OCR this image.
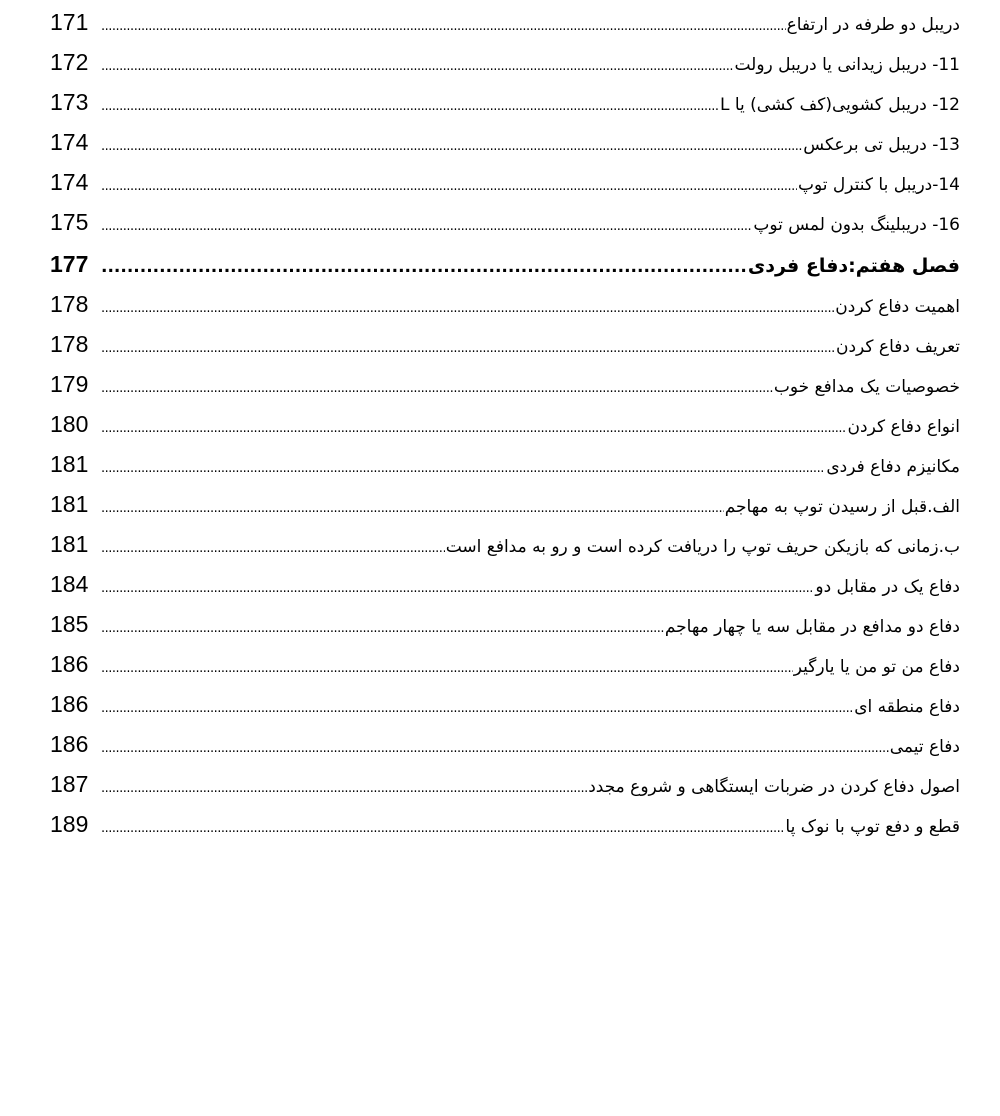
دریبل دو طرفه در ارتفاع
.....
171
11- دریبل زیدانی یا دریبل رولت
.....
172
12- دریبل کشویی(کف کشی) یا L
.....
173
13- دریبل تی برعکس
.....
174
14-دریبل با کنترل توپ
.....
174
16- دریبلینگ بدون لمس توپ
.....
175
فصل هفتم:دفاع فردی
.....
177
اهمیت دفاع کردن
.....
178
تعریف دفاع کردن
.....
178
خصوصیات یک مدافع خوب
.....
179
انواع دفاع کردن
.....
180
مکانیزم دفاع فردی
.....
181
الف.قبل از رسیدن توپ به مهاجم
.....
181
ب.زمانی که بازیکن حریف توپ را دریافت کرده است و رو به مدافع است
.....
181
دفاع یک در مقابل دو
.....
184
دفاع دو مدافع در مقابل سه یا چهار مهاجم
.....
185
دفاع من تو من یا یارگیر
.....
186
دفاع منطقه ای
.....
186
دفاع تیمی
.....
186
اصول دفاع کردن در ضربات ایستگاهی و شروع مجدد
.....
187
قطع و دفع توپ با نوک پا
.....
189
